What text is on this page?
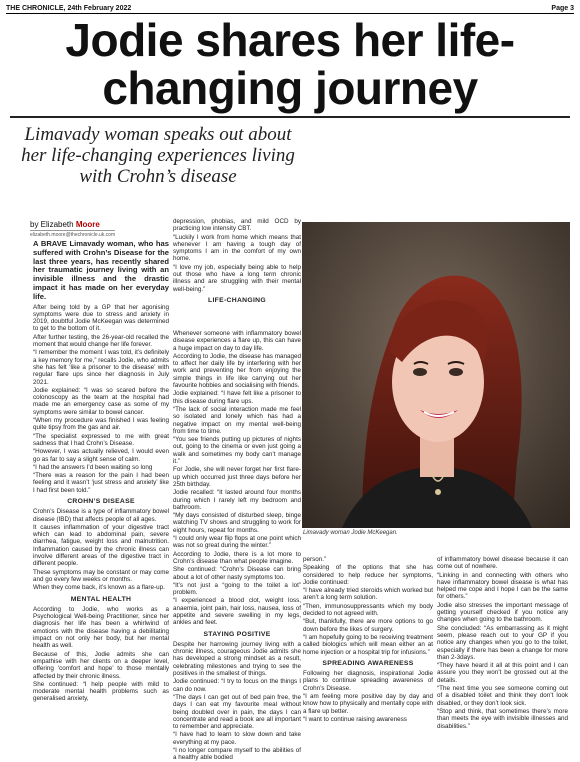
THE CHRONICLE, 24th February 2022	Page 3
Jodie shares her life-changing journey
Limavady woman speaks out about her life-changing experiences living with Crohn’s disease
by Elizabeth Moore
elizabeth.moore@thechronicle.uk.com

A BRAVE Limavady woman, who has suffered with Crohn’s Disease for the last three years, has recently shared her traumatic journey living with an invisible illness and the drastic impact it has made on her everyday life.

After being told by a GP that her agonising symptoms were due to stress and anxiety in 2019, doubtful Jodie McKeegan was determined to get to the bottom of it.

After further testing, the 26-year-old recalled the moment that would change her life forever.

“I remember the moment I was told, it’s definitely a key memory for me,” recalls Jodie, who admits she has felt ‘like a prisoner to the disease’ with regular flare ups since her diagnosis in July 2021.

Jodie explained: “I was so scared before the colonoscopy as the team at the hospital had made me an emergency case as some of my symptoms were similar to bowel cancer.

“When my procedure was finished I was feeling quite tipsy from the gas and air.

“The specialist expressed to me with great sadness that I had Crohn’s Disease.

“However, I was actually relieved, I would even go as far to say a slight sense of calm.

“I had the answers I’d been waiting so long

“There was a reason for the pain I had been feeling and it wasn’t ‘just stress and anxiety’ like I had first been told.”

CROHN’S DISEASE

Crohn’s Disease is a type of inflammatory bowel disease (IBD) that affects people of all ages.

It causes inflammation of your digestive tract which can lead to abdominal pain, severe diarrhea, fatigue, weight loss and malnutrition. Inflammation caused by the chronic illness can involve different areas of the digestive tract in different people.

These symptoms may be constant or may come and go every few weeks or months.

When they come back, it’s known as a flare-up.

MENTAL HEALTH

According to Jodie, who works as a Psychological Well-being Practitioner, since her diagnosis her life has been a whirlwind of emotions with the disease having a debilitating impact on not only her body, but her mental health as well.

Because of this, Jodie admits she can empathise with her clients on a deeper level, offering ‘comfort and hope’ to those mentally affected by their chronic illness.

She continued: “I help people with mild to moderate mental health problems such as generalised anxiety,

depression, phobias, and mild OCD by practicing low intensity CBT.

“Luckily I work from home which means that whenever I am having a tough day of symptoms I am in the comfort of my own home.

“I love my job, especially being able to help out those who have a long term chronic illness and are struggling with their mental well-being.”

LIFE-CHANGING

Whenever someone with inflammatory bowel disease experiences a flare up, this can have a huge impact on day to day life.

According to Jodie, the disease has managed to affect her daily life by interfering with her work and preventing her from enjoying the simple things in life like carrying out her favourite hobbies and socialising with friends.

Jodie explained: “I have felt like a prisoner to this disease during flare ups.

“The lack of social interaction made me feel so isolated and lonely which has had a negative impact on my mental well-being from time to time.

“You see friends putting up pictures of nights out, going to the cinema or even just going a walk and sometimes my body can’t manage it.”

For Jodie, she will never forget her first flare-up which occurred just three days before her 25th birthday.

Jodie recalled: “It lasted around four months during which I rarely left my bedroom and bathroom.

“My days consisted of disturbed sleep, binge watching TV shows and struggling to work for eight hours, repeat for months.

“I could only wear flip flops at one point which was not so great during the winter.”

According to Jodie, there is a lot more to Crohn’s disease than what people imagine.

She continued: “Crohn’s Disease can bring about a lot of other nasty symptoms too.

“It’s not just a “going to the toilet a lot” problem.

“I experienced a blood clot, weight loss, anaemia, joint pain, hair loss, nausea, loss of appetite and severe swelling in my legs, ankles and feet.

STAYING POSITIVE

Despite her harrowing journey living with a chronic illness, courageous Jodie admits she has developed a strong mindset as a result, celebrating milestones and trying to see the positives in the smallest of things.

Jodie continued: “I try to focus on the things I can do now.

“The days I can get out of bed pain free, the days I can eat my favourite meal without being doubled over in pain, the days I can concentrate and read a book are all important to remember and appreciate.

“I have had to learn to slow down and take everything at my pace.

“I no longer compare myself to the abilities of a healthy able bodied

Limavady woman Jodie McKeegan.

person.”

Speaking of the options that she has considered to help reduce her symptoms, Jodie continued:

“I have already tried steroids which worked but aren’t a long term solution.

“Then, immunosuppressants which my body decided to not agreed with.

“But, thankfully, there are more options to go down before the likes of surgery.

“I am hopefully going to be receiving treatment called biologics which will mean either an at home injection or a hospital trip for infusions.”

SPREADING AWARENESS

Following her diagnosis, inspirational Jodie plans to continue spreading awareness of Crohn’s Disease.

“I am feeling more positive day by day and know how to physically and mentally cope with a flare up better.

“I want to continue raising awareness

of inflammatory bowel disease because it can come out of nowhere.

“Linking in and connecting with others who have inflammatory bowel disease is what has helped me cope and I hope I can be the same for others.”

Jodie also stresses the important message of getting yourself checked if you notice any changes when going to the bathroom.

She concluded: “As embarrassing as it might seem, please reach out to your GP if you notice any changes when you go to the toilet, especially if there has been a change for more than 2-3days.

“They have heard it all at this point and I can assure you they won’t be grossed out at the details.

“The next time you see someone coming out of a disabled toilet and think they don’t look disabled, or they don’t look sick.

“Stop and think, that sometimes there’s more than meets the eye with invisible illnesses and disabilities.”
